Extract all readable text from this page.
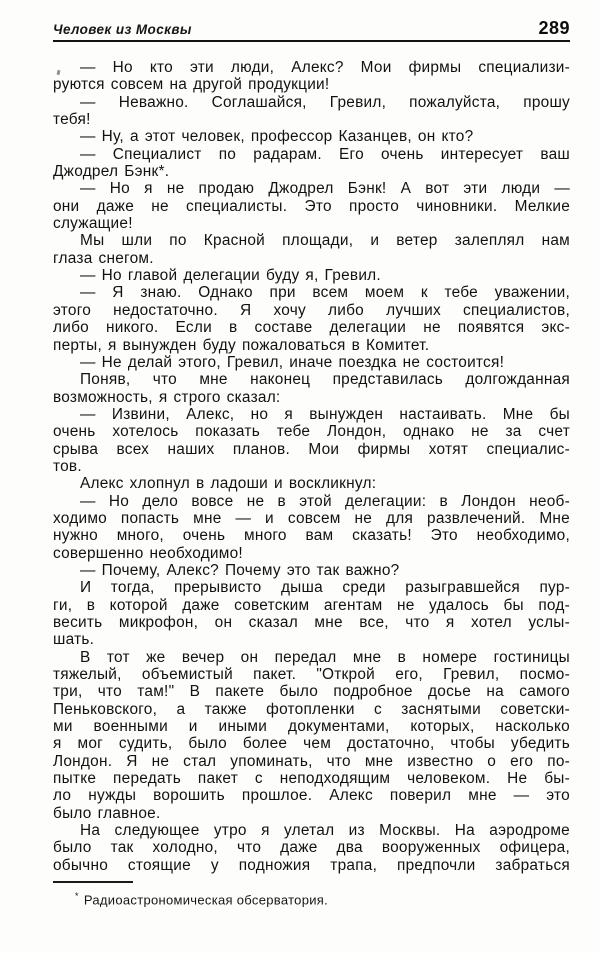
Человек из Москвы	289
— Но кто эти люди, Алекс? Мои фирмы специализи-
руются совсем на другой продукции!
— Неважно. Соглашайся, Гревил, пожалуйста, прошу
тебя!
— Ну, а этот человек, профессор Казанцев, он кто?
— Специалист по радарам. Его очень интересует ваш
Джодрел Бэнк*.
— Но я не продаю Джодрел Бэнк! А вот эти люди —
они даже не специалисты. Это просто чиновники. Мелкие
служащие!
Мы шли по Красной площади, и ветер залеплял нам
глаза снегом.
— Но главой делегации буду я, Гревил.
— Я знаю. Однако при всем моем к тебе уважении,
этого недостаточно. Я хочу либо лучших специалистов,
либо никого. Если в составе делегации не появятся экс-
перты, я вынужден буду пожаловаться в Комитет.
— Не делай этого, Гревил, иначе поездка не состоится!
Поняв, что мне наконец представилась долгожданная
возможность, я строго сказал:
— Извини, Алекс, но я вынужден настаивать. Мне бы
очень хотелось показать тебе Лондон, однако не за счет
срыва всех наших планов. Мои фирмы хотят специалис-
тов.
Алекс хлопнул в ладоши и воскликнул:
— Но дело вовсе не в этой делегации: в Лондон необ-
ходимо попасть мне — и совсем не для развлечений. Мне
нужно много, очень много вам сказать! Это необходимо,
совершенно необходимо!
— Почему, Алекс? Почему это так важно?
И тогда, прерывисто дыша среди разыгравшейся пур-
ги, в которой даже советским агентам не удалось бы под-
весить микрофон, он сказал мне все, что я хотел услы-
шать.
В тот же вечер он передал мне в номере гостиницы
тяжелый, объемистый пакет. "Открой его, Гревил, посмо-
три, что там!" В пакете было подробное досье на самого
Пеньковского, а также фотопленки с заснятыми советски-
ми военными и иными документами, которых, насколько
я мог судить, было более чем достаточно, чтобы убедить
Лондон. Я не стал упоминать, что мне известно о его по-
пытке передать пакет с неподходящим человеком. Не бы-
ло нужды ворошить прошлое. Алекс поверил мне — это
было главное.
На следующее утро я улетал из Москвы. На аэродроме
было так холодно, что даже два вооруженных офицера,
обычно стоящие у подножия трапа, предпочли забраться
* Радиоастрономическая обсерватория.
